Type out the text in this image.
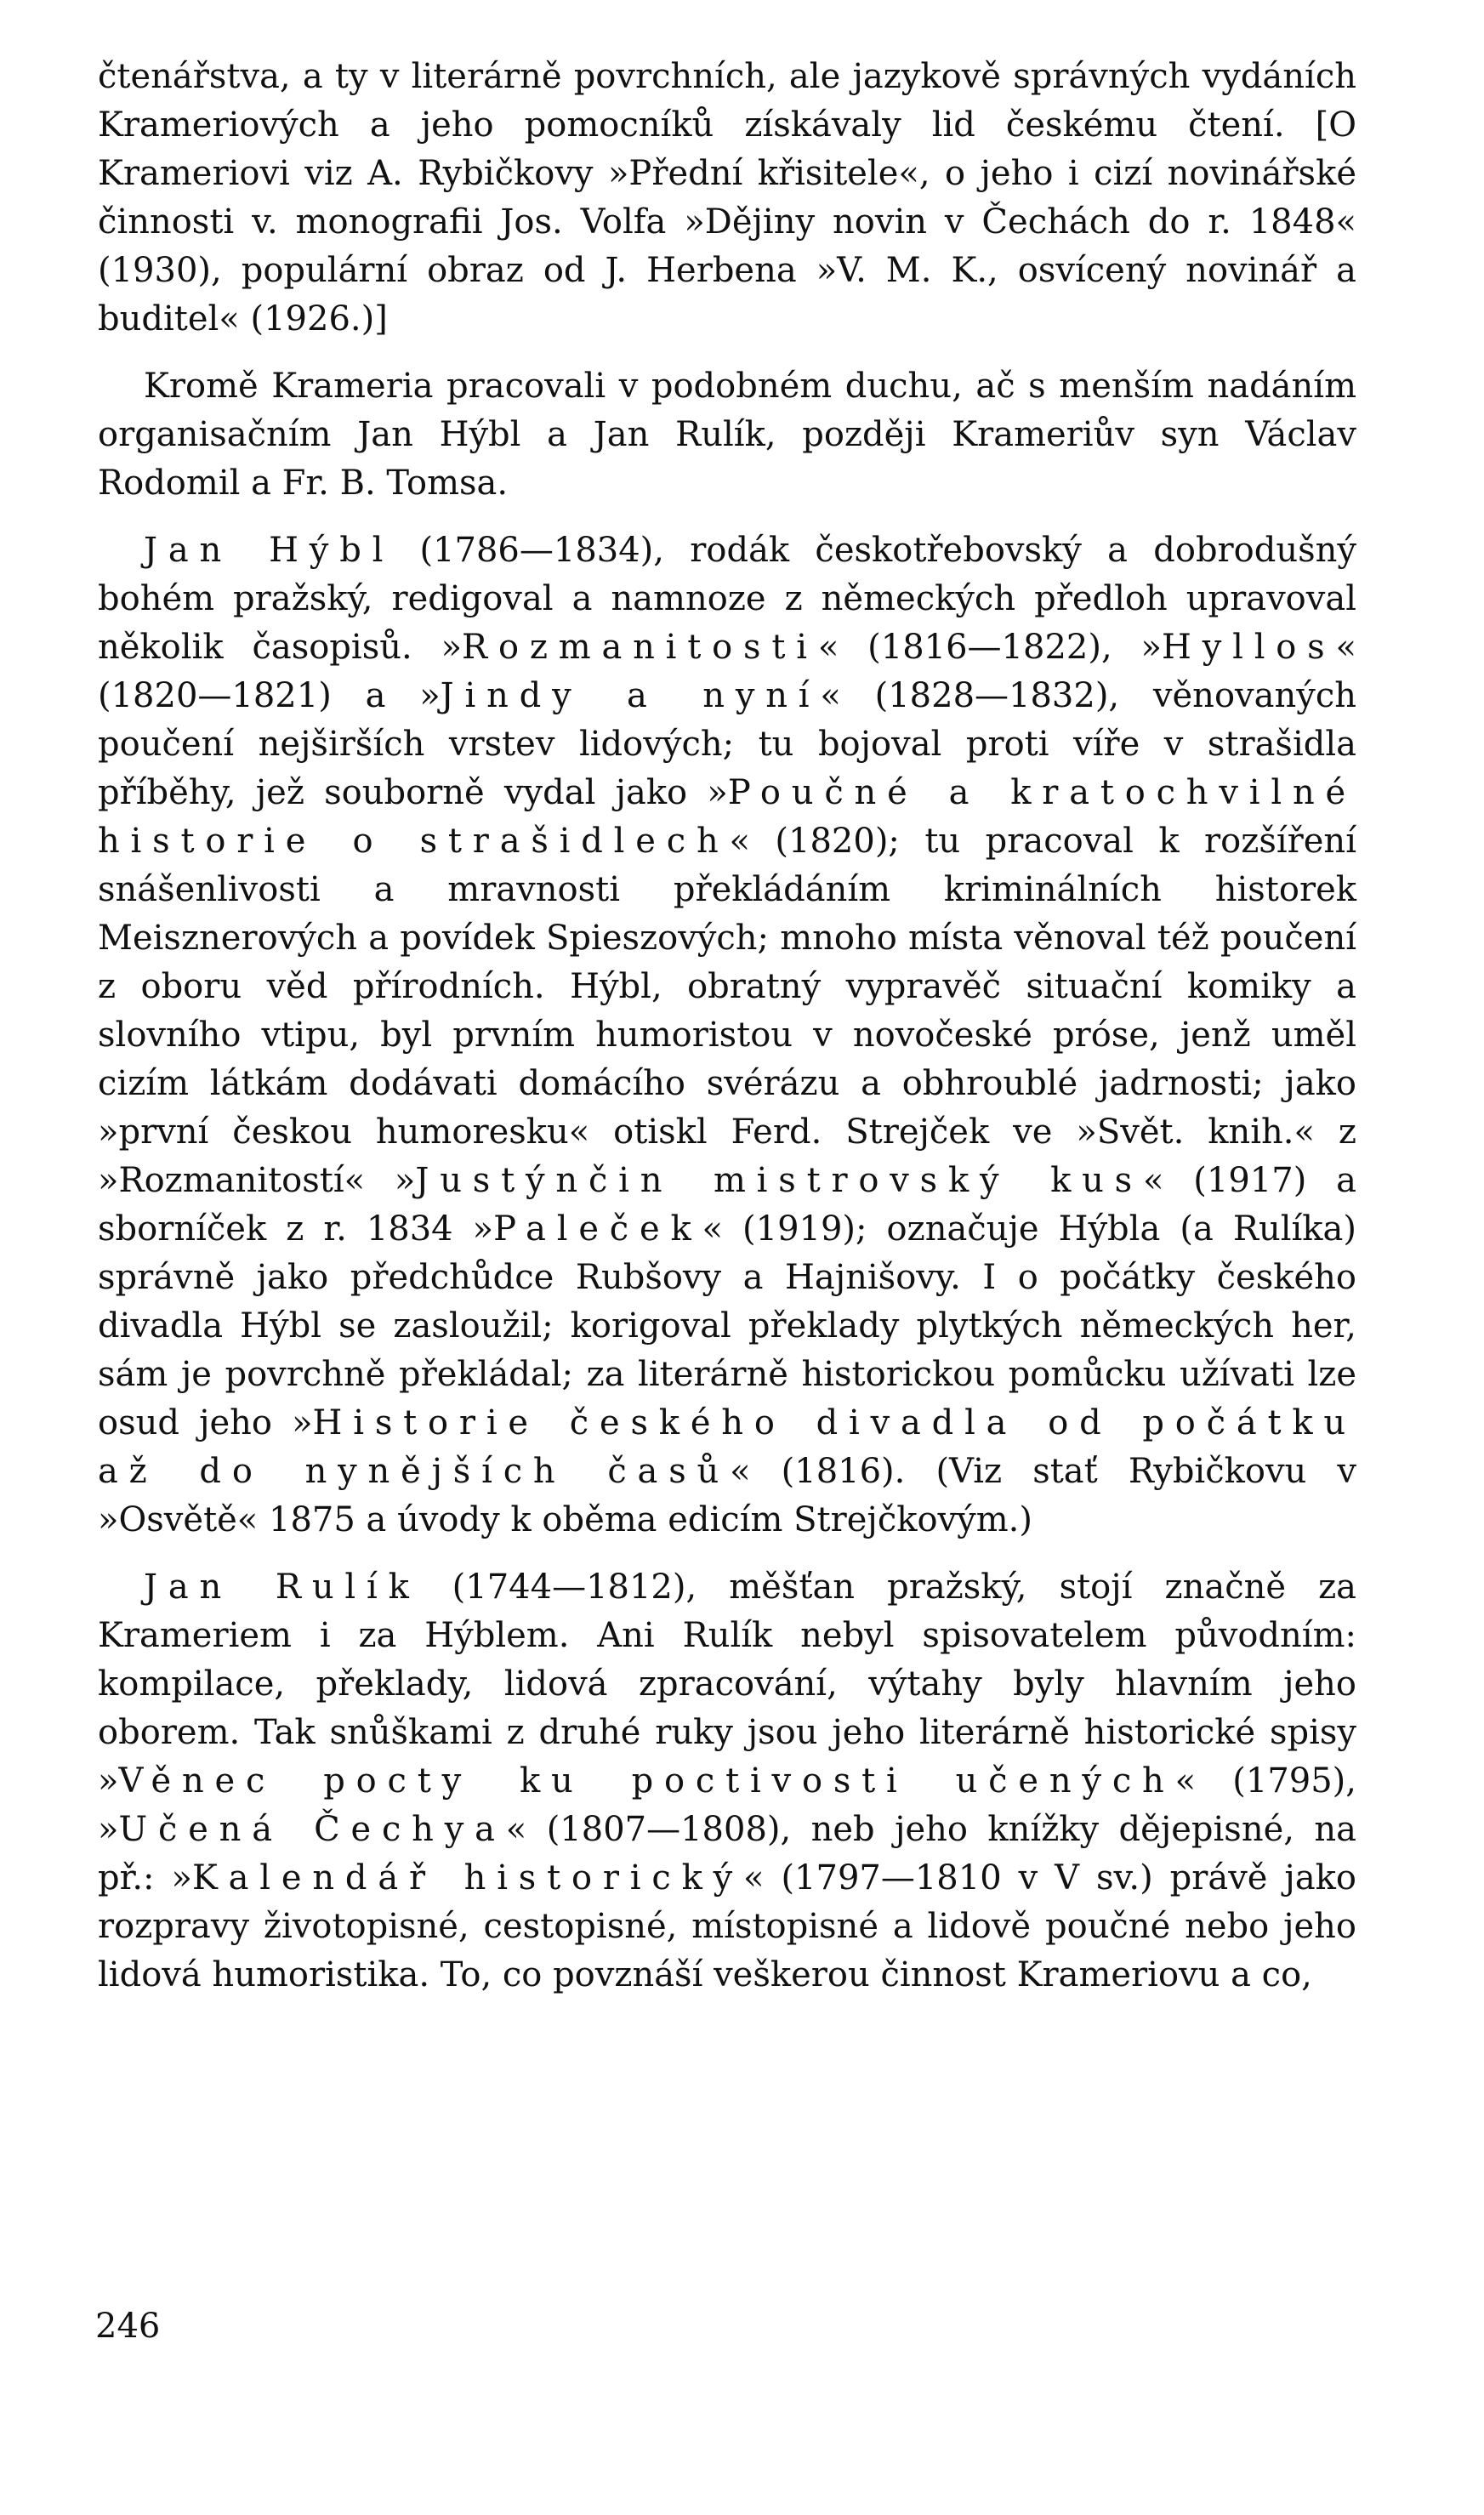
čtenářstva, a ty v literárně povrchních, ale jazykově správných vydáních Krameriových a jeho pomocníků získávaly lid českému čtení. [O Krameriovi viz A. Rybičkovy »Přední křisitele«, o jeho i cizí novinářské činnosti v. monografii Jos. Volfa »Dějiny novin v Čechách do r. 1848« (1930), populární obraz od J. Herbena »V. M. K., osvícený novinář a buditel« (1926.)]

Kromě Krameria pracovali v podobném duchu, ač s menším nadáním organisačním Jan Hýbl a Jan Rulík, později Krameriův syn Václav Rodomil a Fr. B. Tomsa.

Jan Hýbl (1786—1834), rodák českotřebovský a dobrodušný bohém pražský, redigoval a namnoze z německých předloh upravoval několik časopisů. »Rozmanitosti« (1816—1822), »Hyllos« (1820—1821) a »Jindy a nyní« (1828—1832), věnovaných poučení nejširších vrstev lidových; tu bojoval proti víře v strašidla příběhy, jež souborně vydal jako »Poučné a kratochvilné historie o strašidlech« (1820); tu pracoval k rozšíření snášenlivosti a mravnosti překládáním kriminálních historek Meisznerových a povídek Spieszových; mnoho místa věnoval též poučení z oboru věd přírodních. Hýbl, obratný vypravěč situační komiky a slovního vtipu, byl prvním humoristou v novočeské próse, jenž uměl cizím látkám dodávati domácího svérázu a obhroublé jadrnosti; jako »první českou humoresku« otiskl Ferd. Strejček ve »Svět. knih.« z »Rozmanitostí« »Justýnčin mistrovský kus« (1917) a sborníček z r. 1834 »Paleček« (1919); označuje Hýbla (a Rulíka) správně jako předchůdce Rubšovy a Hajnišovy. I o počátky českého divadla Hýbl se zasloužil; korigoval překlady plytkých německých her, sám je povrchně překládal; za literárně historickou pomůcku užívati lze osud jeho »Historie českého divadla od počátku až do nynějších časů« (1816). (Viz stať Rybičkovu v »Osvětě« 1875 a úvody k oběma edicím Strejčkovým.)

Jan Rulík (1744—1812), měšťan pražský, stojí značně za Krameriem i za Hýblem. Ani Rulík nebyl spisovatelem původním: kompilace, překlady, lidová zpracování, výtahy byly hlavním jeho oborem. Tak snůškami z druhé ruky jsou jeho literárně historické spisy »Věnec pocty ku poctivosti učených« (1795), »Učená Čechya« (1807—1808), neb jeho knížky dějepisné, na př.: »Kalendář historický« (1797—1810 v V sv.) právě jako rozpravy životopisné, cestopisné, místopisné a lidově poučné nebo jeho lidová humoristika. To, co povznáší veškerou činnost Krameriovu a co,

246
